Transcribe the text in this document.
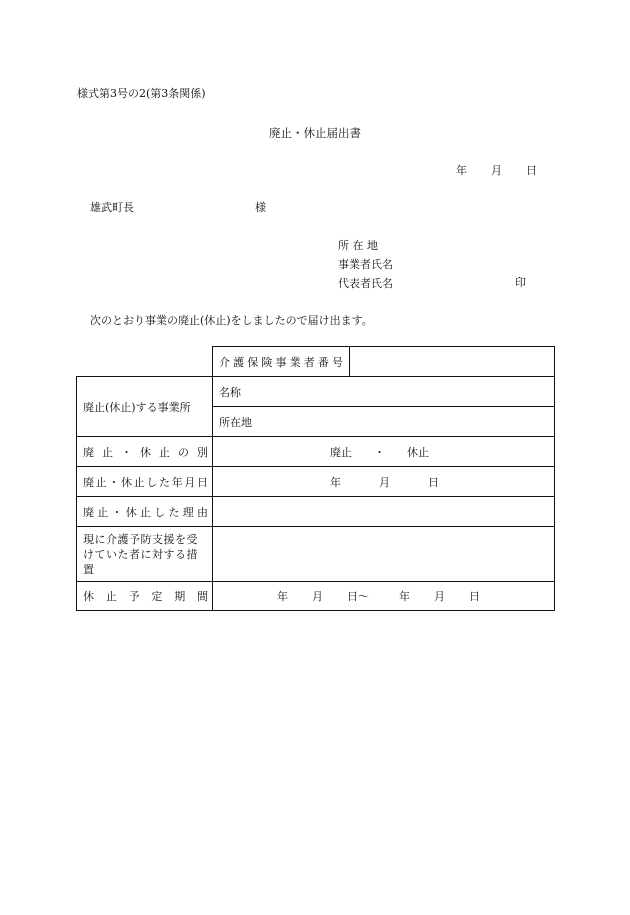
様式第3号の2(第3条関係)
廃止・休止届出書
年 月 日
雄武町長	様
所 在 地
事業者氏名
代表者氏名	印
次のとおり事業の廃止(休止)をしましたので届け出ます。
	介護保険事業者番号	
廃止(休止)する事業所	名称	
	所在地	
廃止・休止の別	廃止 ・ 休止	
廃止・休止した年月日	年 月 日	
廃止・休止した理由		
現に介護予防支援を受けていた者に対する措置		
休止予定期間	年 月 日～ 年 月 日	
